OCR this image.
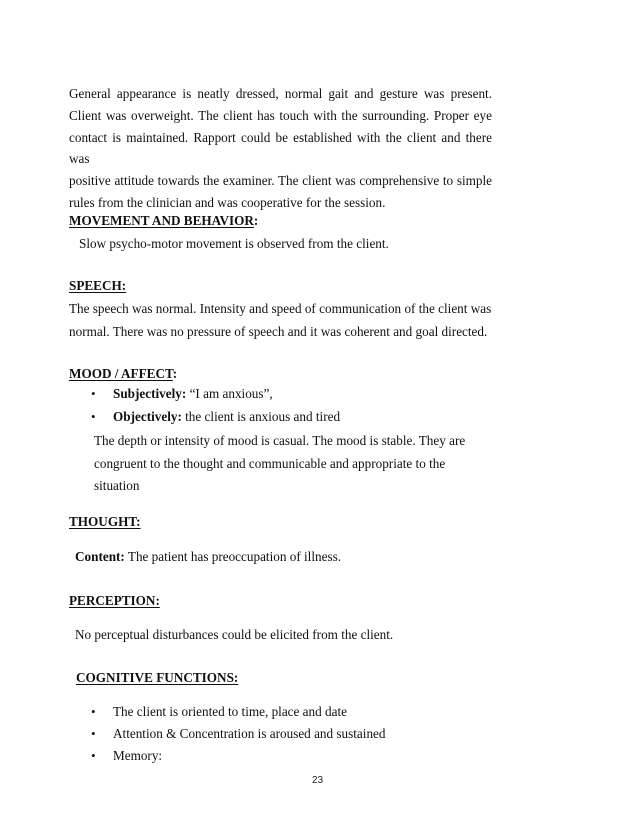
General appearance is neatly dressed, normal gait and gesture was present.
Client was overweight. The client has touch with the surrounding. Proper eye
contact is maintained. Rapport could be established with the client and there was
positive attitude towards the examiner. The client was comprehensive to simple
rules from the clinician and was cooperative for the session.
MOVEMENT AND BEHAVIOR:
Slow psycho-motor movement is observed from the client.
SPEECH:
The speech was normal. Intensity and speed of communication of the client was
normal. There was no pressure of speech and it was coherent and goal directed.
MOOD / AFFECT:
• Subjectively: “I am anxious”,
• Objectively: the client is anxious and tired
The depth or intensity of mood is casual. The mood is stable. They are
congruent to the thought and communicable and appropriate to the
situation
THOUGHT:
Content: The patient has preoccupation of illness.
PERCEPTION:
No perceptual disturbances could be elicited from the client.
COGNITIVE FUNCTIONS:
• The client is oriented to time, place and date
• Attention & Concentration is aroused and sustained
• Memory:
23
